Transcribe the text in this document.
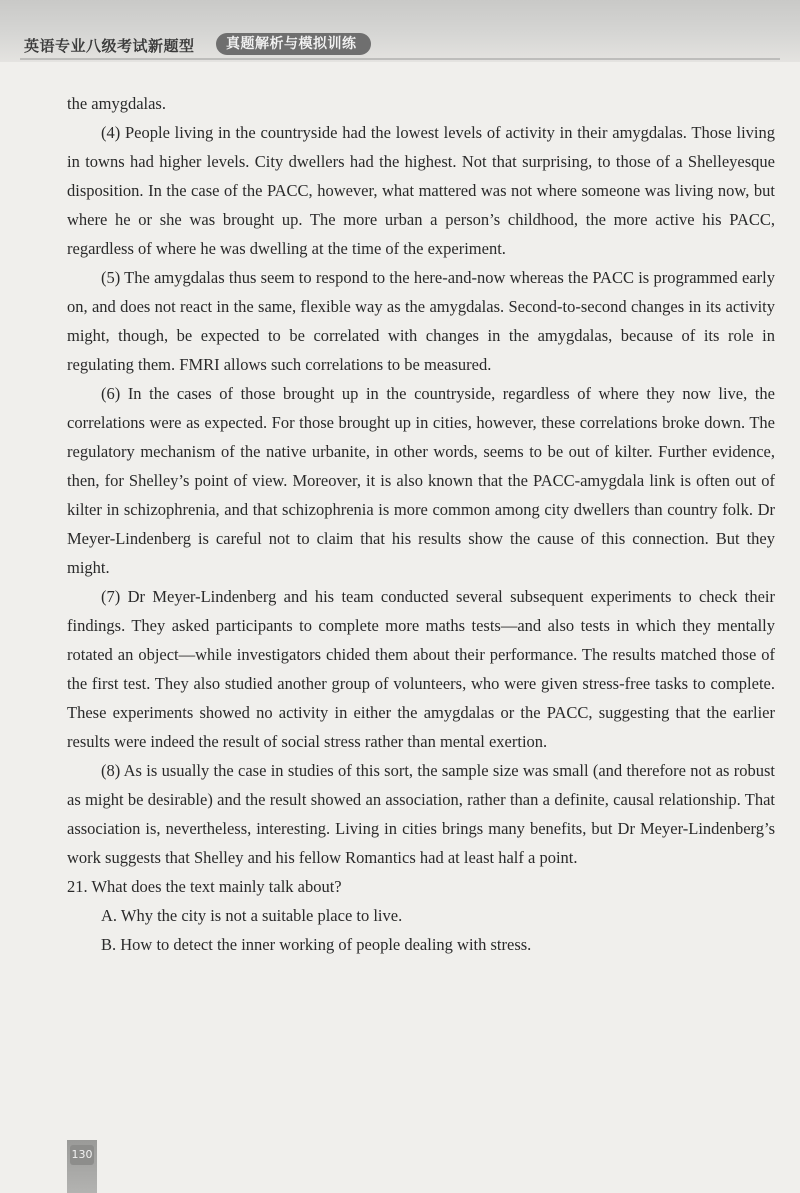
英语专业八级考试新题型	真题解析与模拟训练

the amygdalas.

(4) People living in the countryside had the lowest levels of activity in their amygdalas. Those living in towns had higher levels. City dwellers had the highest. Not that surprising, to those of a Shelleyesque disposition. In the case of the PACC, however, what mattered was not where someone was living now, but where he or she was brought up. The more urban a person’s childhood, the more active his PACC, regardless of where he was dwelling at the time of the experiment.

(5) The amygdalas thus seem to respond to the here-and-now whereas the PACC is programmed early on, and does not react in the same, flexible way as the amygdalas. Second-to-second changes in its activity might, though, be expected to be correlated with changes in the amygdalas, because of its role in regulating them. FMRI allows such correlations to be measured.

(6) In the cases of those brought up in the countryside, regardless of where they now live, the correlations were as expected. For those brought up in cities, however, these correlations broke down. The regulatory mechanism of the native urbanite, in other words, seems to be out of kilter. Further evidence, then, for Shelley’s point of view. Moreover, it is also known that the PACC-amygdala link is often out of kilter in schizophrenia, and that schizophrenia is more common among city dwellers than country folk. Dr Meyer-Lindenberg is careful not to claim that his results show the cause of this connection. But they might.

(7) Dr Meyer-Lindenberg and his team conducted several subsequent experiments to check their findings. They asked participants to complete more maths tests—and also tests in which they mentally rotated an object—while investigators chided them about their performance. The results matched those of the first test. They also studied another group of volunteers, who were given stress-free tasks to complete. These experiments showed no activity in either the amygdalas or the PACC, suggesting that the earlier results were indeed the result of social stress rather than mental exertion.

(8) As is usually the case in studies of this sort, the sample size was small (and therefore not as robust as might be desirable) and the result showed an association, rather than a definite, causal relationship. That association is, nevertheless, interesting. Living in cities brings many benefits, but Dr Meyer-Lindenberg’s work suggests that Shelley and his fellow Romantics had at least half a point.

21. What does the text mainly talk about?
A. Why the city is not a suitable place to live.
B. How to detect the inner working of people dealing with stress.
130
